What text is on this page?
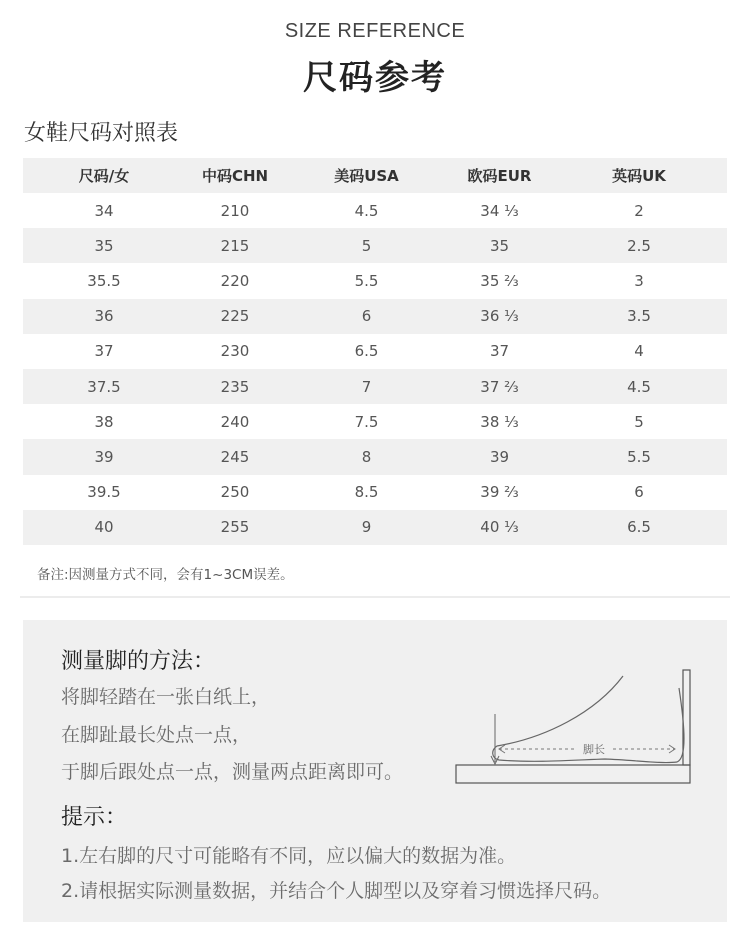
SIZE REFERENCE
尺码参考
女鞋尺码对照表
尺码/女	中码CHN	美码USA	欧码EUR	英码UK
34	210	4.5	34 ⅓	2
35	215	5	35	2.5
35.5	220	5.5	35 ⅔	3
36	225	6	36 ⅓	3.5
37	230	6.5	37	4
37.5	235	7	37 ⅔	4.5
38	240	7.5	38 ⅓	5
39	245	8	39	5.5
39.5	250	8.5	39 ⅔	6
40	255	9	40 ⅓	6.5
备注:因测量方式不同，会有1~3CM误差。
测量脚的方法：
将脚轻踏在一张白纸上，
在脚趾最长处点一点，
于脚后跟处点一点，测量两点距离即可。
提示：
1.左右脚的尺寸可能略有不同，应以偏大的数据为准。
2.请根据实际测量数据，并结合个人脚型以及穿着习惯选择尺码。
脚长
